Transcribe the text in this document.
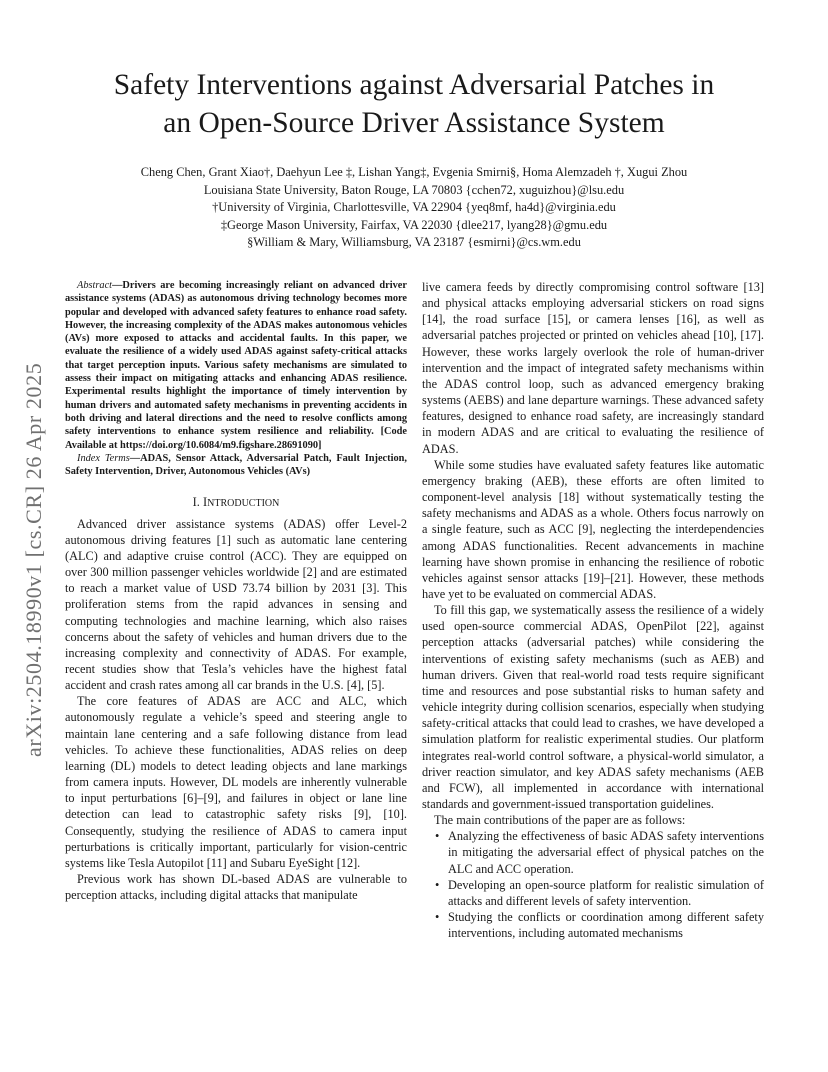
arXiv:2504.18990v1 [cs.CR] 26 Apr 2025
Safety Interventions against Adversarial Patches in
an Open-Source Driver Assistance System
Cheng Chen, Grant Xiao†, Daehyun Lee ‡, Lishan Yang‡, Evgenia Smirni§, Homa Alemzadeh †, Xugui Zhou
Louisiana State University, Baton Rouge, LA 70803 {cchen72, xuguizhou}@lsu.edu
†University of Virginia, Charlottesville, VA 22904 {yeq8mf, ha4d}@virginia.edu
‡George Mason University, Fairfax, VA 22030 {dlee217, lyang28}@gmu.edu
§William & Mary, Williamsburg, VA 23187 {esmirni}@cs.wm.edu

Abstract—Drivers are becoming increasingly reliant on advanced driver assistance systems (ADAS) as autonomous driving technology becomes more popular and developed with advanced safety features to enhance road safety. However, the increasing complexity of the ADAS makes autonomous vehicles (AVs) more exposed to attacks and accidental faults. In this paper, we evaluate the resilience of a widely used ADAS against safety-critical attacks that target perception inputs. Various safety mechanisms are simulated to assess their impact on mitigating attacks and enhancing ADAS resilience. Experimental results highlight the importance of timely intervention by human drivers and automated safety mechanisms in preventing accidents in both driving and lateral directions and the need to resolve conflicts among safety interventions to enhance system resilience and reliability. [Code Available at https://doi.org/10.6084/m9.figshare.28691090]

Index Terms—ADAS, Sensor Attack, Adversarial Patch, Fault Injection, Safety Intervention, Driver, Autonomous Vehicles (AVs)

I. INTRODUCTION

Advanced driver assistance systems (ADAS) offer Level-2 autonomous driving features [1] such as automatic lane centering (ALC) and adaptive cruise control (ACC). They are equipped on over 300 million passenger vehicles worldwide [2] and are estimated to reach a market value of USD 73.74 billion by 2031 [3]. This proliferation stems from the rapid advances in sensing and computing technologies and machine learning, which also raises concerns about the safety of vehicles and human drivers due to the increasing complexity and connectivity of ADAS. For example, recent studies show that Tesla’s vehicles have the highest fatal accident and crash rates among all car brands in the U.S. [4], [5].

The core features of ADAS are ACC and ALC, which autonomously regulate a vehicle’s speed and steering angle to maintain lane centering and a safe following distance from lead vehicles. To achieve these functionalities, ADAS relies on deep learning (DL) models to detect leading objects and lane markings from camera inputs. However, DL models are inherently vulnerable to input perturbations [6]–[9], and failures in object or lane line detection can lead to catastrophic safety risks [9], [10]. Consequently, studying the resilience of ADAS to camera input perturbations is critically important, particularly for vision-centric systems like Tesla Autopilot [11] and Subaru EyeSight [12].

Previous work has shown DL-based ADAS are vulnerable to perception attacks, including digital attacks that manipulate

live camera feeds by directly compromising control software [13] and physical attacks employing adversarial stickers on road signs [14], the road surface [15], or camera lenses [16], as well as adversarial patches projected or printed on vehicles ahead [10], [17]. However, these works largely overlook the role of human-driver intervention and the impact of integrated safety mechanisms within the ADAS control loop, such as advanced emergency braking systems (AEBS) and lane departure warnings. These advanced safety features, designed to enhance road safety, are increasingly standard in modern ADAS and are critical to evaluating the resilience of ADAS.

While some studies have evaluated safety features like automatic emergency braking (AEB), these efforts are often limited to component-level analysis [18] without systematically testing the safety mechanisms and ADAS as a whole. Others focus narrowly on a single feature, such as ACC [9], neglecting the interdependencies among ADAS functionalities. Recent advancements in machine learning have shown promise in enhancing the resilience of robotic vehicles against sensor attacks [19]–[21]. However, these methods have yet to be evaluated on commercial ADAS.

To fill this gap, we systematically assess the resilience of a widely used open-source commercial ADAS, OpenPilot [22], against perception attacks (adversarial patches) while considering the interventions of existing safety mechanisms (such as AEB) and human drivers. Given that real-world road tests require significant time and resources and pose substantial risks to human safety and vehicle integrity during collision scenarios, especially when studying safety-critical attacks that could lead to crashes, we have developed a simulation platform for realistic experimental studies. Our platform integrates real-world control software, a physical-world simulator, a driver reaction simulator, and key ADAS safety mechanisms (AEB and FCW), all implemented in accordance with international standards and government-issued transportation guidelines.

The main contributions of the paper are as follows:

• Analyzing the effectiveness of basic ADAS safety interventions in mitigating the adversarial effect of physical patches on the ALC and ACC operation.
• Developing an open-source platform for realistic simulation of attacks and different levels of safety intervention.
• Studying the conflicts or coordination among different safety interventions, including automated mechanisms
